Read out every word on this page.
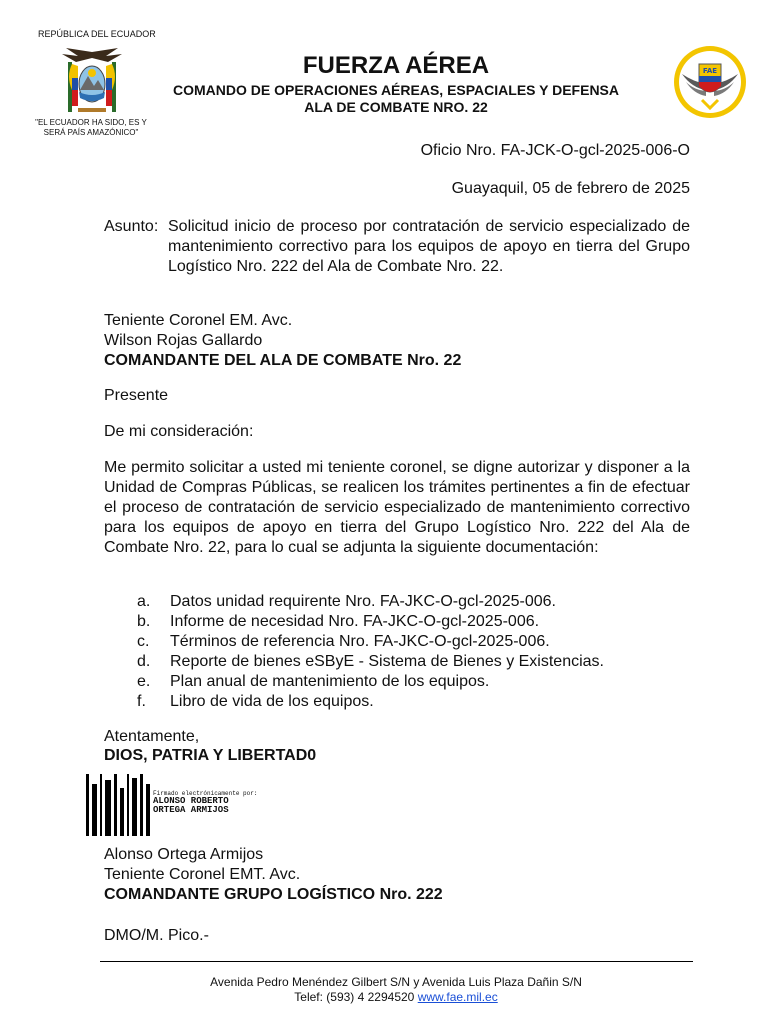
REPÚBLICA DEL ECUADOR
"EL ECUADOR HA SIDO, ES Y SERÁ PAÍS AMAZÓNICO"
FUERZA AÉREA
COMANDO DE OPERACIONES AÉREAS, ESPACIALES Y DEFENSA
ALA DE COMBATE NRO. 22
FAE
Oficio Nro. FA-JCK-O-gcl-2025-006-O
Guayaquil, 05 de febrero de 2025
Asunto: Solicitud inicio de proceso por contratación de servicio especializado de mantenimiento correctivo para los equipos de apoyo en tierra del Grupo Logístico Nro. 222 del Ala de Combate Nro. 22.
Teniente Coronel EM. Avc.
Wilson Rojas Gallardo
COMANDANTE DEL ALA DE COMBATE Nro. 22
Presente
De mi consideración:
Me permito solicitar a usted mi teniente coronel, se digne autorizar y disponer a la Unidad de Compras Públicas, se realicen los trámites pertinentes a fin de efectuar el proceso de contratación de servicio especializado de mantenimiento correctivo para los equipos de apoyo en tierra del Grupo Logístico Nro. 222 del Ala de Combate Nro. 22, para lo cual se adjunta la siguiente documentación:
a.	Datos unidad requirente Nro. FA-JKC-O-gcl-2025-006.
b.	Informe de necesidad Nro. FA-JKC-O-gcl-2025-006.
c.	Términos de referencia Nro. FA-JKC-O-gcl-2025-006.
d.	Reporte de bienes eSByE - Sistema de Bienes y Existencias.
e.	Plan anual de mantenimiento de los equipos.
f.	Libro de vida de los equipos.
Atentamente,
DIOS, PATRIA Y LIBERTAD0
Firmado electrónicamente por:
ALONSO ROBERTO
ORTEGA ARMIJOS
Alonso Ortega Armijos
Teniente Coronel EMT. Avc.
COMANDANTE GRUPO LOGÍSTICO Nro. 222
DMO/M. Pico.-
Avenida Pedro Menéndez Gilbert S/N y Avenida Luis Plaza Dañin S/N
Telef: (593) 4 2294520 www.fae.mil.ec
